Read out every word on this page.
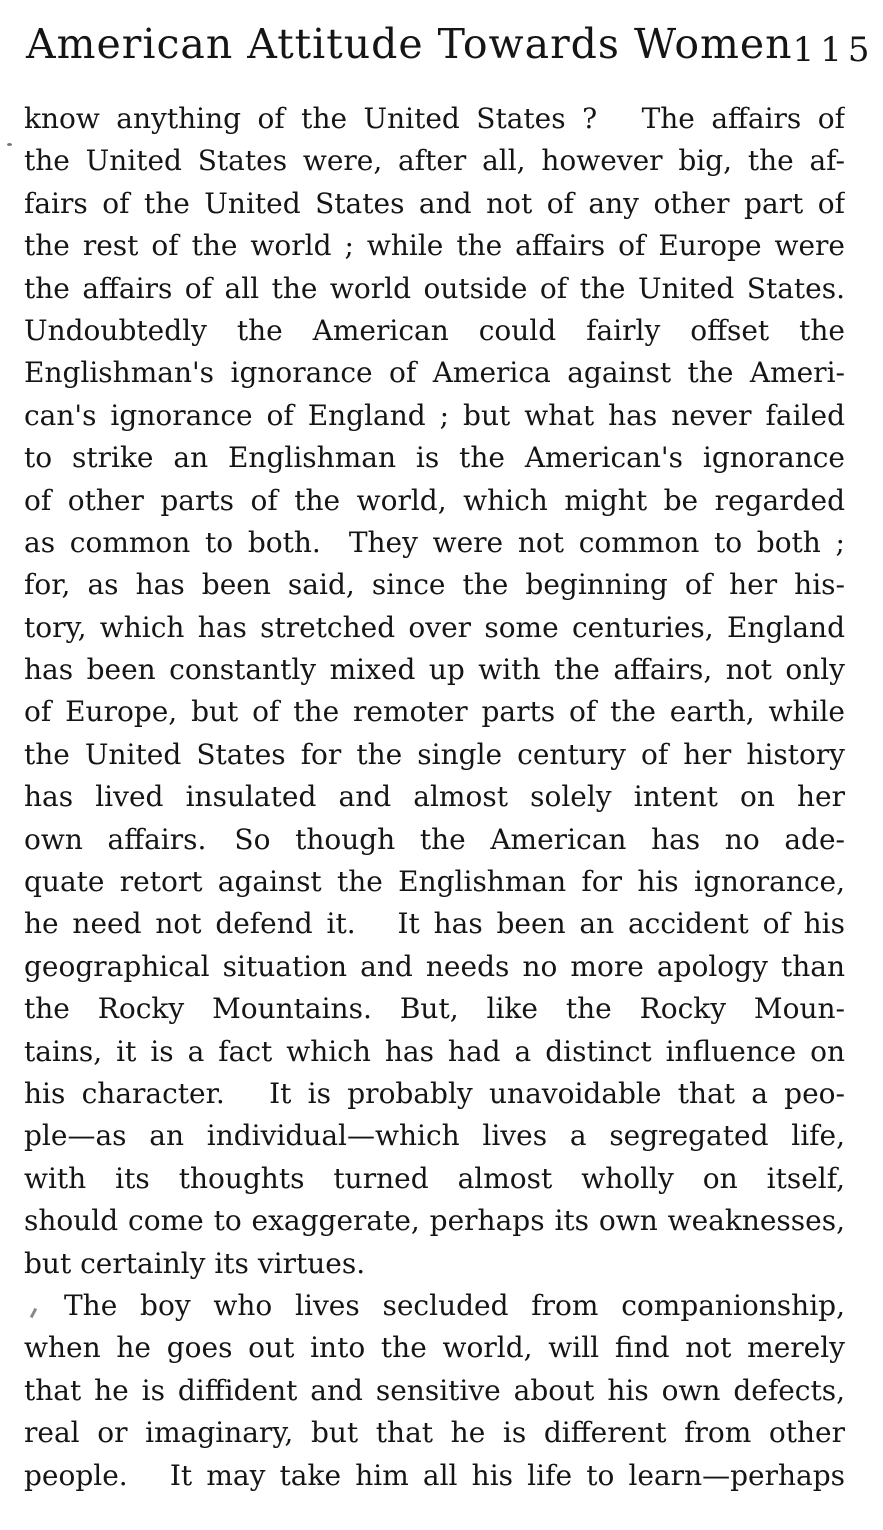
American Attitude Towards Women 115
know anything of the United States ?  The affairs of
the United States were, after all, however big, the af-
fairs of the United States and not of any other part of
the rest of the world ; while the affairs of Europe were
the affairs of all the world outside of the United States.
Undoubtedly the American could fairly offset the
Englishman's ignorance of America against the Ameri-
can's ignorance of England ; but what has never failed
to strike an Englishman is the American's ignorance
of other parts of the world, which might be regarded
as common to both. They were not common to both ;
for, as has been said, since the beginning of her his-
tory, which has stretched over some centuries, England
has been constantly mixed up with the affairs, not only
of Europe, but of the remoter parts of the earth, while
the United States for the single century of her history
has lived insulated and almost solely intent on her
own affairs. So though the American has no ade-
quate retort against the Englishman for his ignorance,
he need not defend it.  It has been an accident of his
geographical situation and needs no more apology than
the Rocky Mountains. But, like the Rocky Moun-
tains, it is a fact which has had a distinct influence on
his character.  It is probably unavoidable that a peo-
ple—as an individual—which lives a segregated life,
with its thoughts turned almost wholly on itself,
should come to exaggerate, perhaps its own weaknesses,
but certainly its virtues.
The boy who lives secluded from companionship,
when he goes out into the world, will find not merely
that he is diffident and sensitive about his own defects,
real or imaginary, but that he is different from other
people.  It may take him all his life to learn—perhaps
